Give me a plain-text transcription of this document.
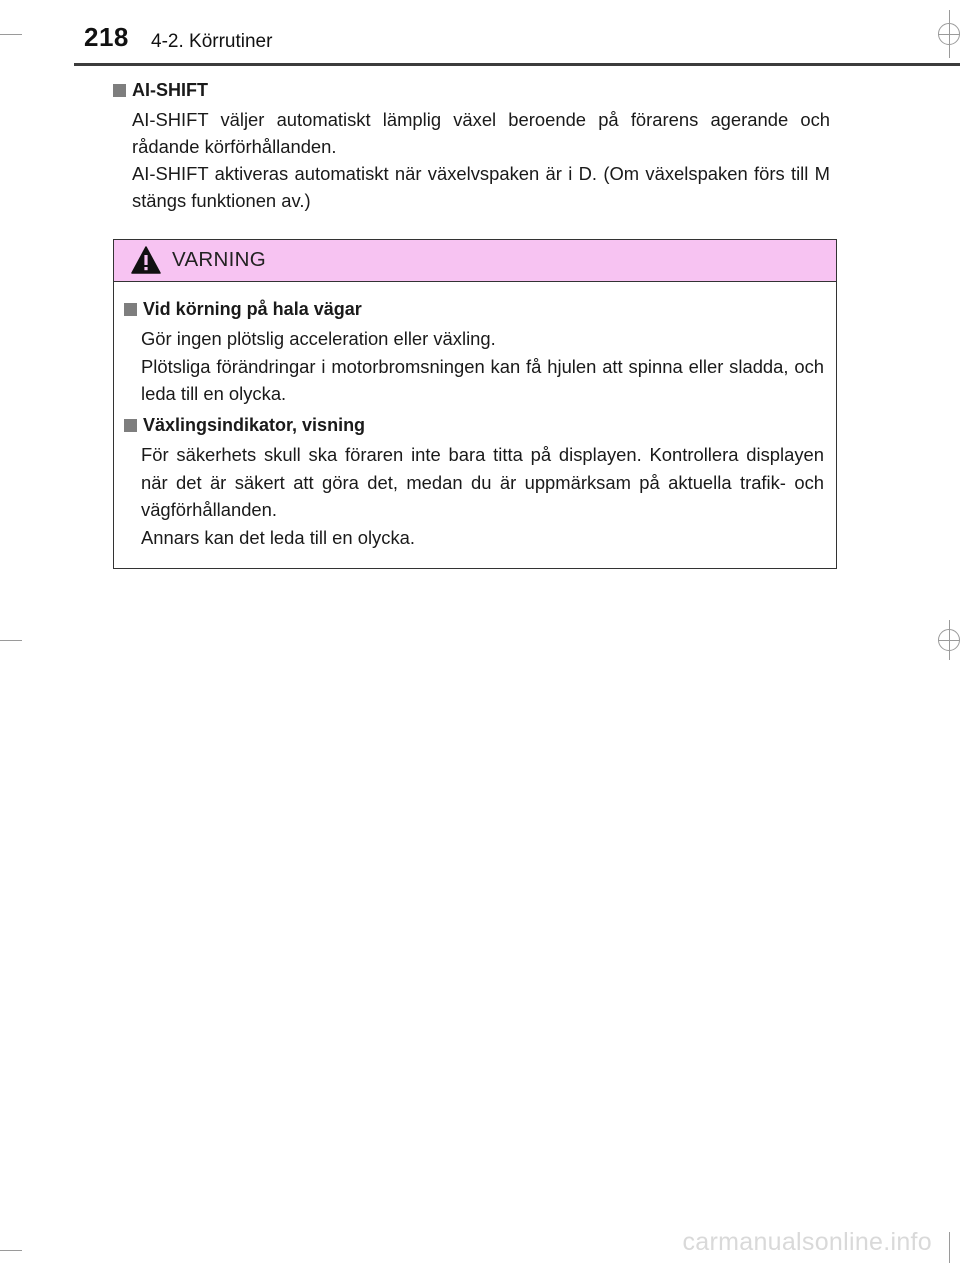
218 4-2. Körrutiner
AI-SHIFT

AI-SHIFT väljer automatiskt lämplig växel beroende på förarens agerande och rådande körförhållanden.

AI-SHIFT aktiveras automatiskt när växelvspaken är i D. (Om växelspaken förs till M stängs funktionen av.)

VARNING
Vid körning på hala vägar

Gör ingen plötslig acceleration eller växling.

Plötsliga förändringar i motorbromsningen kan få hjulen att spinna eller sladda, och leda till en olycka.

Växlingsindikator, visning

För säkerhets skull ska föraren inte bara titta på displayen. Kontrollera displayen när det är säkert att göra det, medan du är uppmärksam på aktuella trafik- och vägförhållanden.

Annars kan det leda till en olycka.

carmanualsonline.info
